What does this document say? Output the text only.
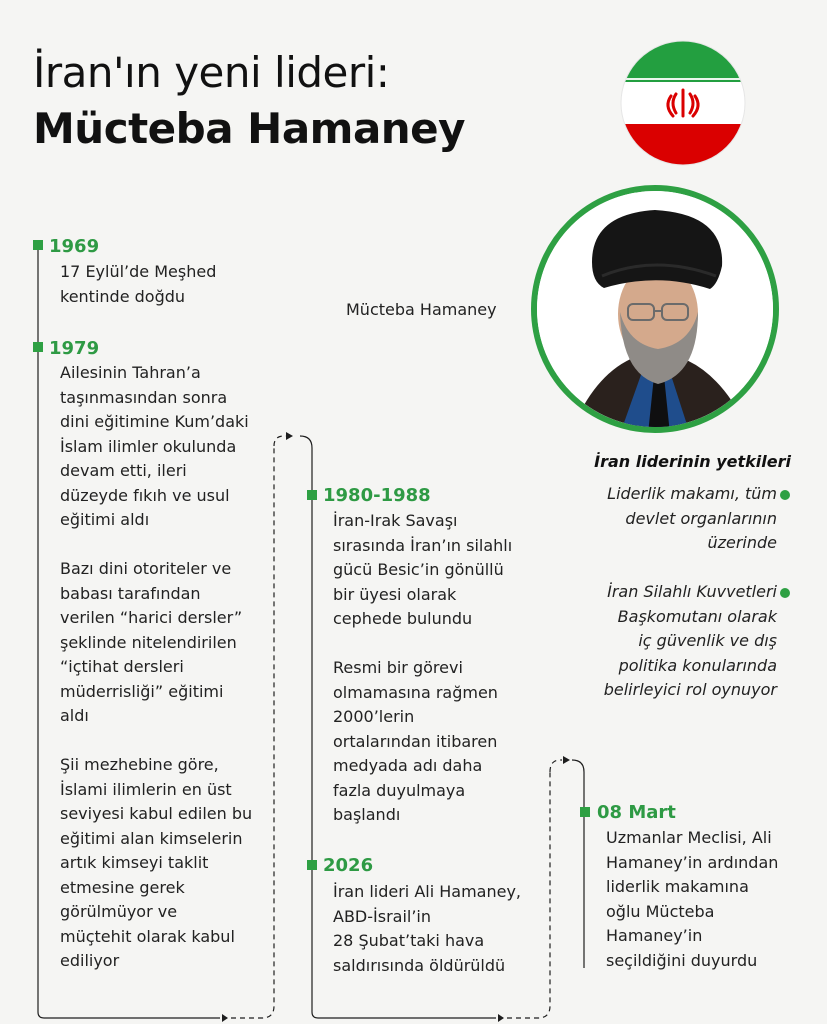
İran'ın yeni lideri:
Mücteba Hamaney
Mücteba Hamaney
1969
17 Eylül’de Meşhed
kentinde doğdu
1979
Ailesinin Tahran’a
taşınmasından sonra
dini eğitimine Kum’daki
İslam ilimler okulunda
devam etti, ileri
düzeyde fıkıh ve usul
eğitimi aldı

Bazı dini otoriteler ve
babası tarafından
verilen “harici dersler”
şeklinde nitelendirilen
“içtihat dersleri
müderrisliği” eğitimi
aldı

Şii mezhebine göre,
İslami ilimlerin en üst
seviyesi kabul edilen bu
eğitimi alan kimselerin
artık kimseyi taklit
etmesine gerek
görülmüyor ve
müçtehit olarak kabul
ediliyor
1980-1988
İran-Irak Savaşı
sırasında İran’ın silahlı
gücü Besic’in gönüllü
bir üyesi olarak
cephede bulundu

Resmi bir görevi
olmamasına rağmen
2000’lerin
ortalarından itibaren
medyada adı daha
fazla duyulmaya
başlandı
2026
İran lideri Ali Hamaney,
ABD-İsrail’in
28 Şubat’taki hava
saldırısında öldürüldü
08 Mart
Uzmanlar Meclisi, Ali
Hamaney’in ardından
liderlik makamına
oğlu Mücteba
Hamaney’in
seçildiğini duyurdu
İran liderinin yetkileri
Liderlik makamı, tüm
devlet organlarının
üzerinde
İran Silahlı Kuvvetleri
Başkomutanı olarak
iç güvenlik ve dış
politika konularında
belirleyici rol oynuyor
